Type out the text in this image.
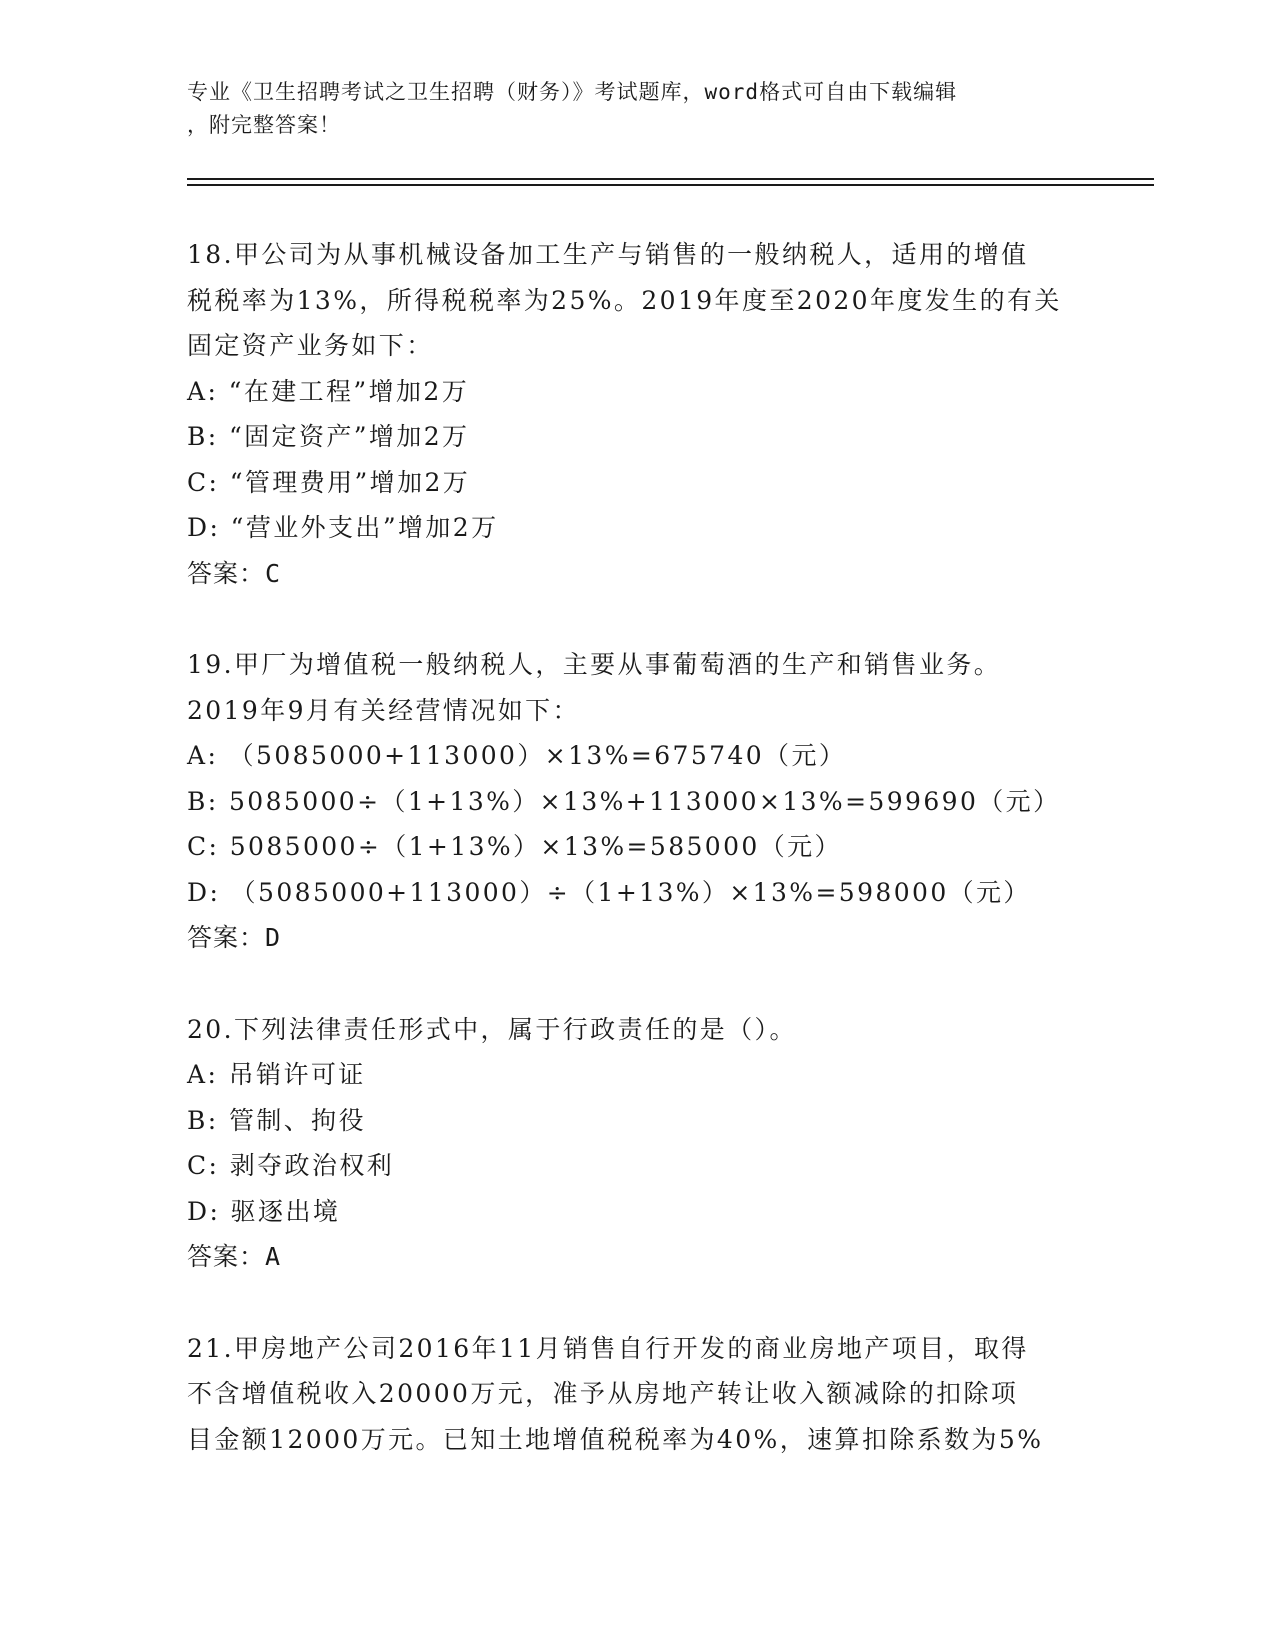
专业《卫生招聘考试之卫生招聘（财务）》考试题库，word格式可自由下载编辑
，附完整答案！
18.甲公司为从事机械设备加工生产与销售的一般纳税人，适用的增值
税税率为13%，所得税税率为25%。2019年度至2020年度发生的有关
固定资产业务如下：
A: “在建工程”增加2万
B: “固定资产”增加2万
C: “管理费用”增加2万
D: “营业外支出”增加2万
答案：C
19.甲厂为增值税一般纳税人，主要从事葡萄酒的生产和销售业务。
2019年9月有关经营情况如下：
A: （5085000+113000）×13%=675740（元）
B: 5085000÷（1+13%）×13%+113000×13%=599690（元）
C: 5085000÷（1+13%）×13%=585000（元）
D: （5085000+113000）÷（1+13%）×13%=598000（元）
答案：D
20.下列法律责任形式中，属于行政责任的是（）。
A: 吊销许可证
B: 管制、拘役
C: 剥夺政治权利
D: 驱逐出境
答案：A
21.甲房地产公司2016年11月销售自行开发的商业房地产项目，取得
不含增值税收入20000万元，准予从房地产转让收入额减除的扣除项
目金额12000万元。已知土地增值税税率为40%，速算扣除系数为5%
